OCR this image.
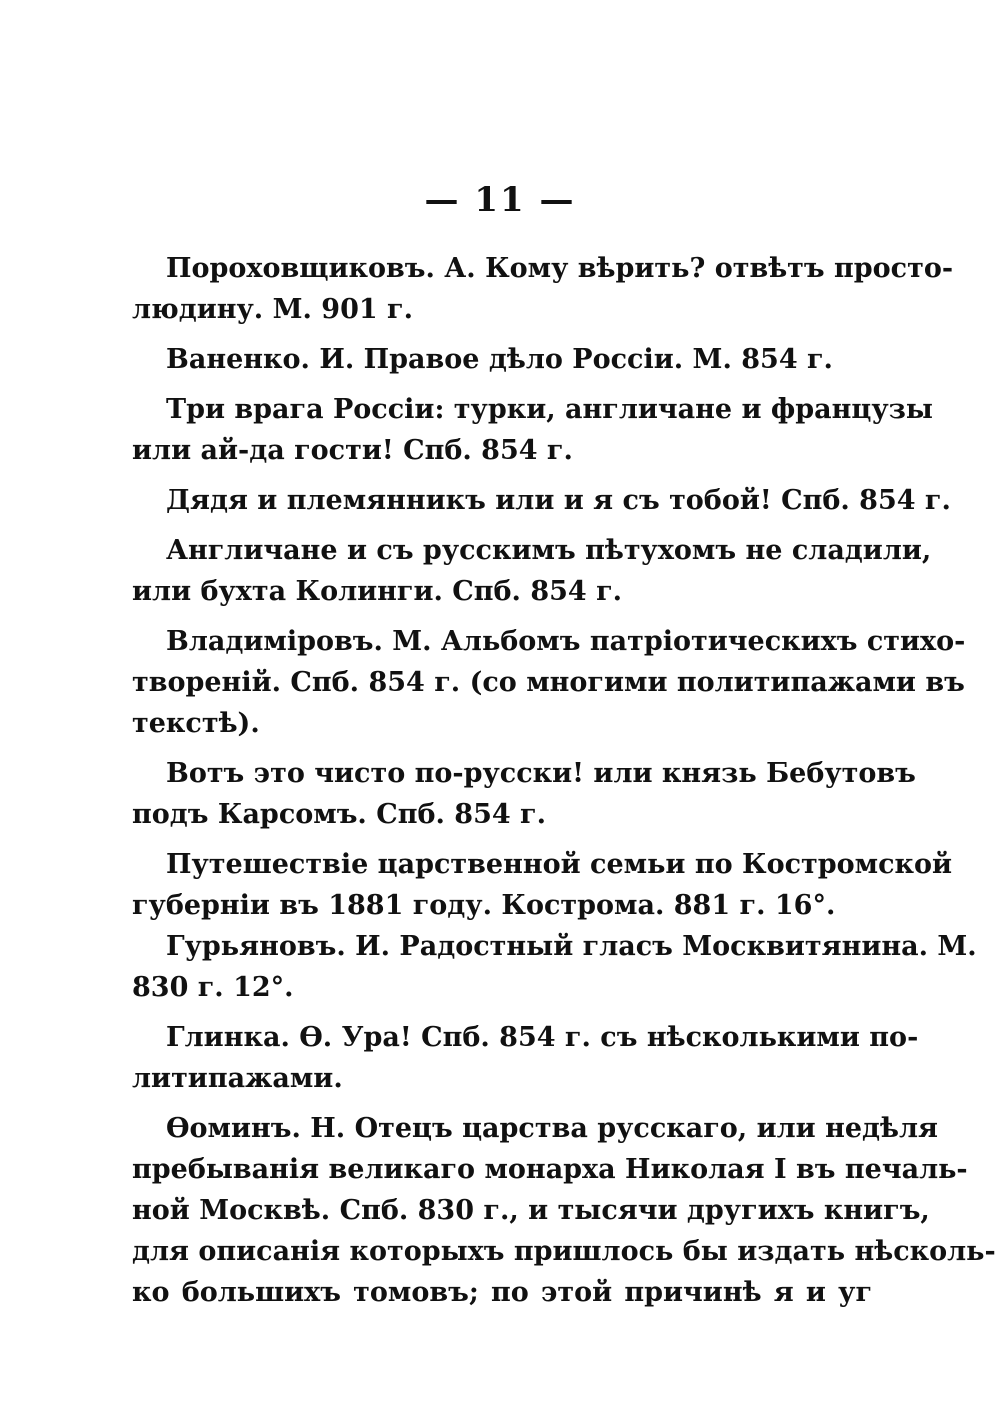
— 11 —

Пороховщиковъ. А. Кому вѣрить? отвѣтъ просто-
людину. М. 901 г.

Ваненко. И. Правое дѣло Россіи. М. 854 г.

Три врага Россіи: турки, англичане и французы
или ай-да гости! Спб. 854 г.

Дядя и племянникъ или и я съ тобой! Спб. 854 г.

Англичане и съ русскимъ пѣтухомъ не сладили,
или бухта Колинги. Спб. 854 г.

Владиміровъ. М. Альбомъ патріотическихъ стихо-
твореній. Спб. 854 г. (со многими политипажами въ
текстѣ).

Вотъ это чисто по-русски! или князь Бебутовъ
подъ Карсомъ. Спб. 854 г.

Путешествіе царственной семьи по Костромской
губерніи въ 1881 году. Кострома. 881 г. 16°.
Гурьяновъ. И. Радостный гласъ Москвитянина. М.
830 г. 12°.

Глинка. Ѳ. Ура! Спб. 854 г. съ нѣсколькими по-
литипажами.

Ѳоминъ. Н. Отецъ царства русскаго, или недѣля
пребыванія великаго монарха Николая I въ печаль-
ной Москвѣ. Спб. 830 г., и тысячи другихъ книгъ,
для описанія которыхъ пришлось бы издать нѣсколь-
ко большихъ томовъ; по этой причинѣ я и уг
